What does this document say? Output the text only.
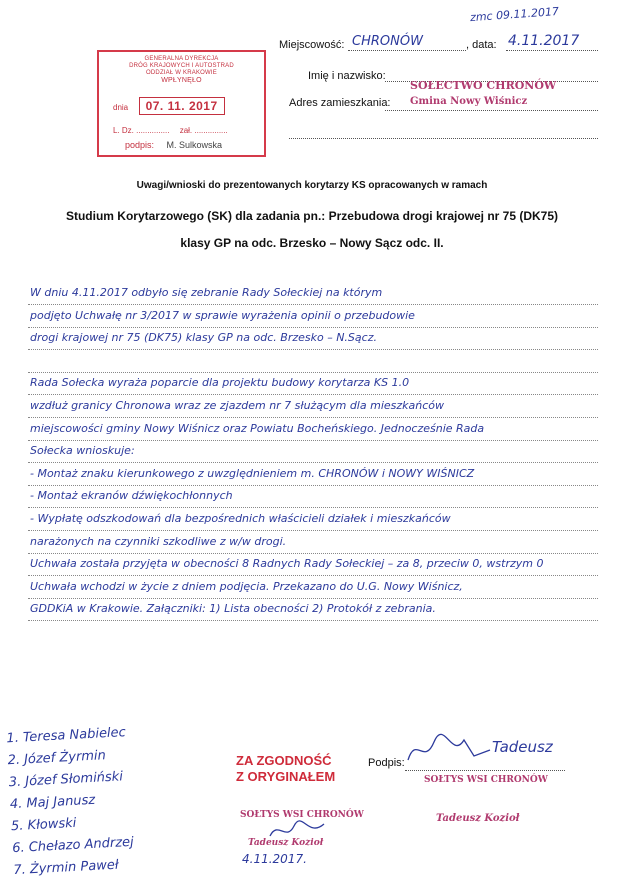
zmc 09.11.2017
GENERALNA DYREKCJA
DRÓG KRAJOWYCH I AUTOSTRAD
ODDZIAŁ W KRAKOWIE
WPŁYNĘŁO
dnia 07. 11. 2017
L. Dz. ............... zał. ...............
podpis: M. Sulkowska
Miejscowość: CHRONÓW	, data: 4.11.2017
Imię i nazwisko:
SOŁECTWO CHRONÓW
Gmina Nowy Wiśnicz
Adres zamieszkania:
Uwagi/wnioski do prezentowanych korytarzy KS opracowanych w ramach
Studium Korytarzowego (SK) dla zadania pn.: Przebudowa drogi krajowej nr 75 (DK75)
klasy GP na odc. Brzesko – Nowy Sącz odc. II.
W dniu 4.11.2017 odbyło się zebranie Rady Sołeckiej na którym
podjęto Uchwałę nr 3/2017 w sprawie wyrażenia opinii o przebudowie
drogi krajowej nr 75 (DK75) klasy GP na odc. Brzesko – N.Sącz.
Rada Sołecka wyraża poparcie dla projektu budowy korytarza KS 1.0
wzdłuż granicy Chronowa wraz ze zjazdem nr 7 służącym dla mieszkańców
miejscowości gminy Nowy Wiśnicz oraz Powiatu Bocheńskiego. Jednocześnie Rada
Sołecka wnioskuje:
- Montaż znaku kierunkowego z uwzględnieniem m. CHRONÓW i NOWY WIŚNICZ
- Montaż ekranów dźwiękochłonnych
- Wypłatę odszkodowań dla bezpośrednich właścicieli działek i mieszkańców
narażonych na czynniki szkodliwe z w/w drogi.
Uchwała została przyjęta w obecności 8 Radnych Rady Sołeckiej – za 8, przeciw 0, wstrzym 0
Uchwała wchodzi w życie z dniem podjęcia. Przekazano do U.G. Nowy Wiśnicz,
GDDKiA w Krakowie. Załączniki: 1) Lista obecności 2) Protokół z zebrania.
1. Teresa Nabielec
2. Józef Żyrmin
3. Józef Słomiński
4. Maj Janusz
5. Kłowski
6. Chełazo Andrzej
7. Żyrmin Paweł
ZA ZGODNOŚĆ
Z ORYGINAŁEM
SOŁTYS WSI CHRONÓW
Tadeusz Kozioł
4.11.2017.
Podpis:
Tadeusz
SOŁTYS WSI CHRONÓW
Tadeusz Kozioł
